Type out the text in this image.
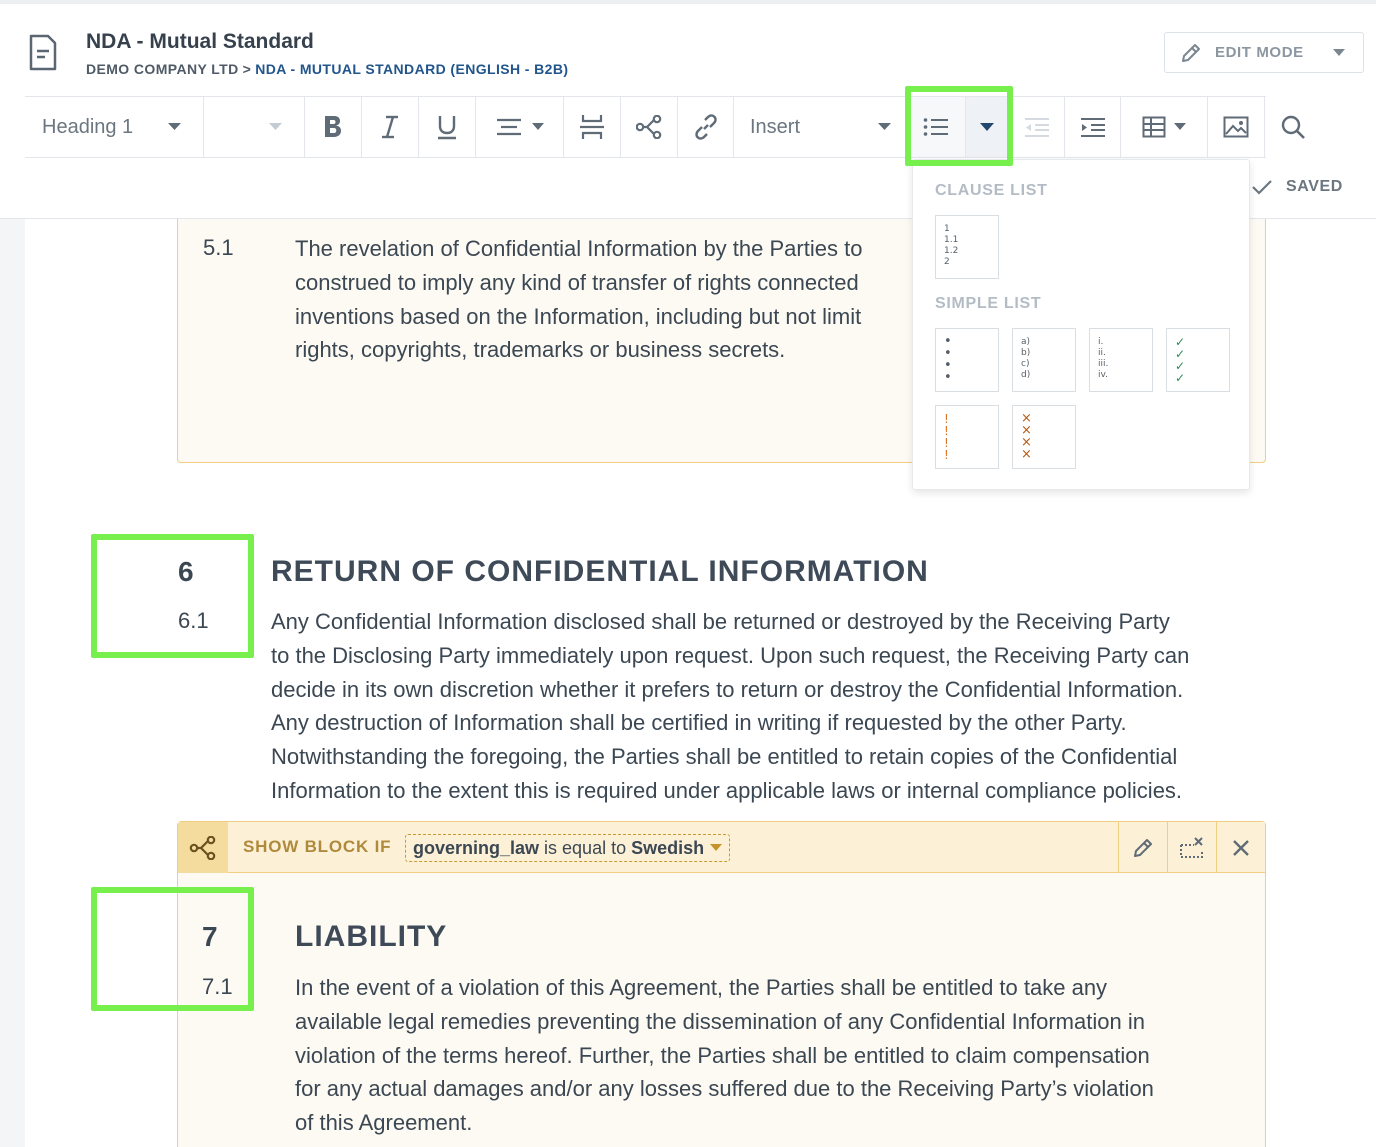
NDA - Mutual Standard
DEMO COMPANY LTD > NDA - MUTUAL STANDARD (ENGLISH - B2B)
EDIT MODE
Heading 1	Insert
SAVED
5.1	The revelation of Confidential Information by the Parties to
construed to imply any kind of transfer of rights connected
inventions based on the Information, including but not limit
rights, copyrights, trademarks or business secrets.
6
6.1
RETURN OF CONFIDENTIAL INFORMATION
Any Confidential Information disclosed shall be returned or destroyed by the Receiving Party
to the Disclosing Party immediately upon request. Upon such request, the Receiving Party can
decide in its own discretion whether it prefers to return or destroy the Confidential Information.
Any destruction of Information shall be certified in writing if requested by the other Party.
Notwithstanding the foregoing, the Parties shall be entitled to retain copies of the Confidential
Information to the extent this is required under applicable laws or internal compliance policies.
SHOW BLOCK IF governing_law is equal to Swedish
7
7.1
LIABILITY
In the event of a violation of this Agreement, the Parties shall be entitled to take any
available legal remedies preventing the dissemination of any Confidential Information in
violation of the terms hereof. Further, the Parties shall be entitled to claim compensation
for any actual damages and/or any losses suffered due to the Receiving Party’s violation
of this Agreement.
CLAUSE LIST
1
1.1
1.2
2
SIMPLE LIST
•
•
•
•
a)
b)
c)
d)
i.
ii.
iii.
iv.
✓
✓
✓
✓
!
!
!
!
×
×
×
×
